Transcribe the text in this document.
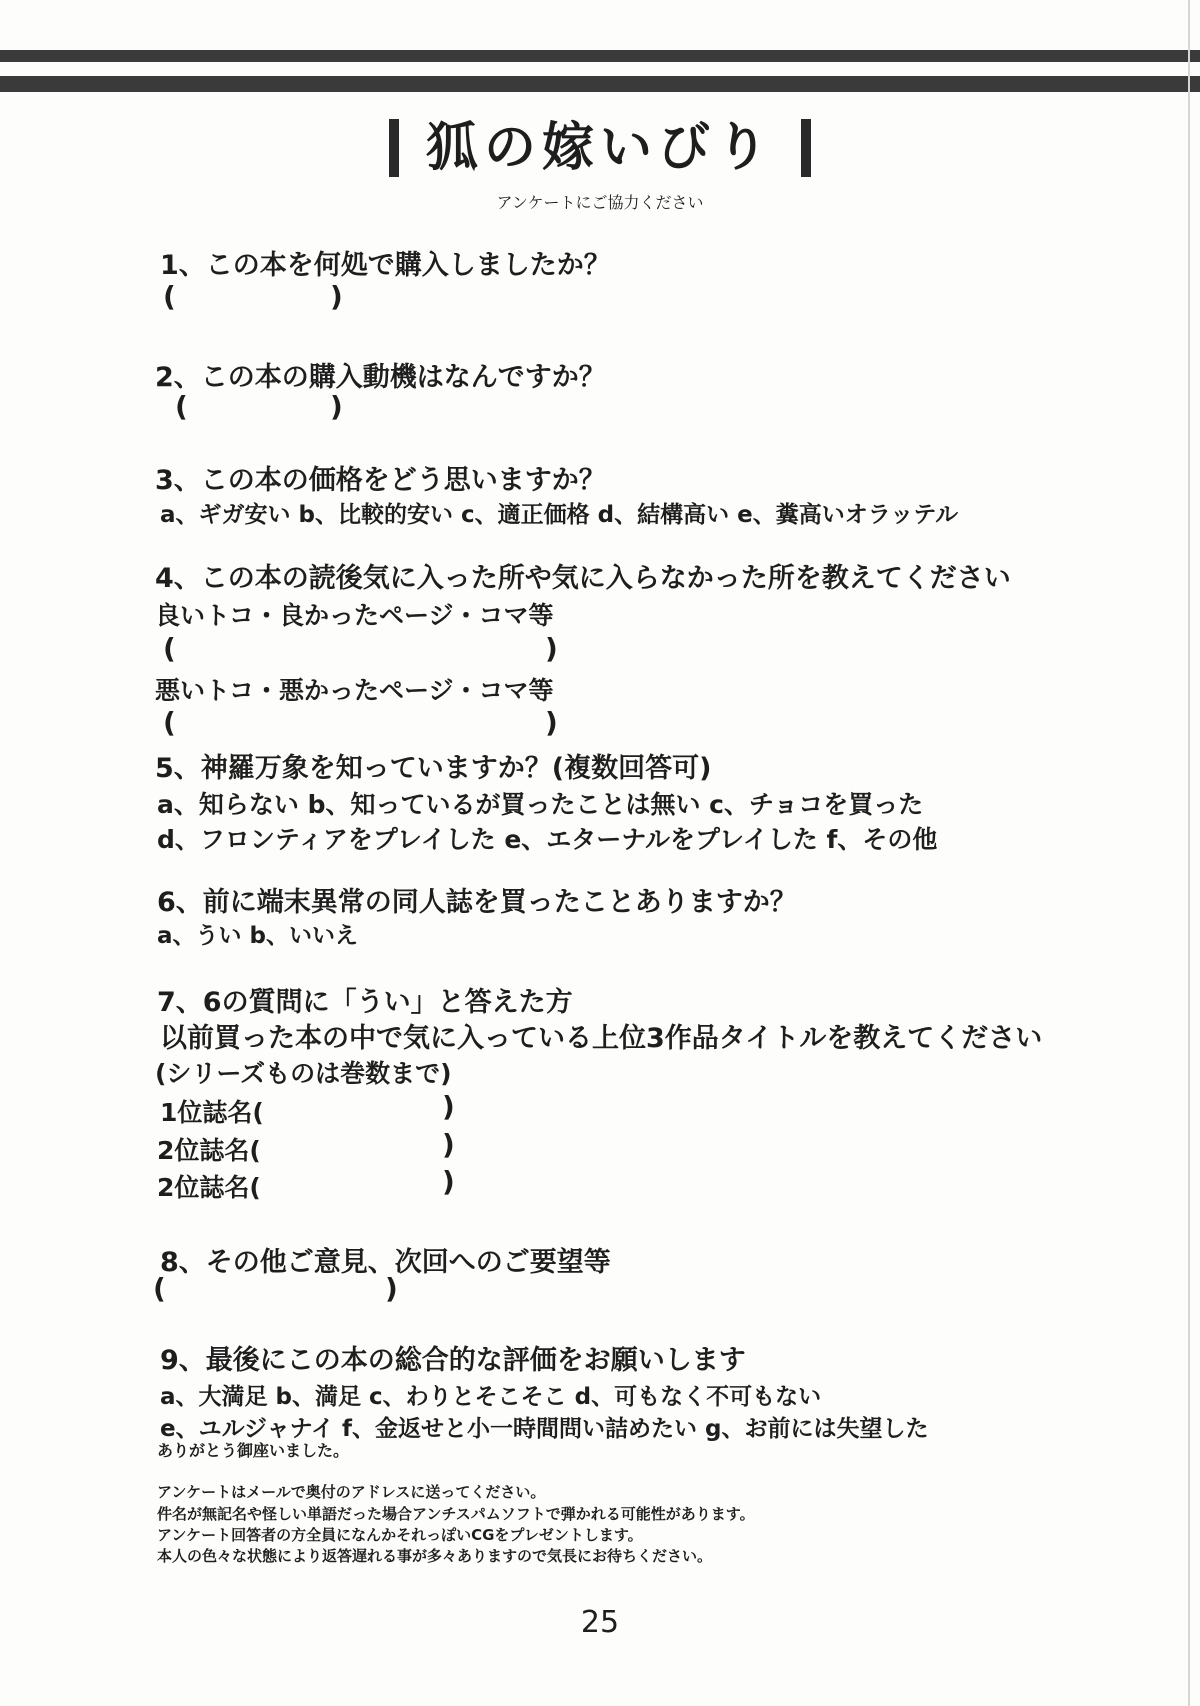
狐の嫁いびり
アンケートにご協力ください
1、この本を何処で購入しましたか？
(	)
2、この本の購入動機はなんですか？
(	)
3、この本の価格をどう思いますか？
a、ギガ安い b、比較的安い c、適正価格 d、結構高い e、糞高いオラッテル
4、この本の読後気に入った所や気に入らなかった所を教えてください
良いトコ・良かったページ・コマ等
(	)
悪いトコ・悪かったページ・コマ等
(	)
5、神羅万象を知っていますか？(複数回答可)
a、知らない b、知っているが買ったことは無い c、チョコを買った
d、フロンティアをプレイした e、エターナルをプレイした f、その他
6、前に端末異常の同人誌を買ったことありますか？
a、うい b、いいえ
7、6の質問に「うい」と答えた方
以前買った本の中で気に入っている上位3作品タイトルを教えてください
(シリーズものは巻数まで)
1位誌名(	)
2位誌名(	)
2位誌名(	)
8、その他ご意見、次回へのご要望等
(	)
9、最後にこの本の総合的な評価をお願いします
a、大満足 b、満足 c、わりとそこそこ d、可もなく不可もない
e、ユルジャナイ f、金返せと小一時間問い詰めたい g、お前には失望した
ありがとう御座いました。
アンケートはメールで奥付のアドレスに送ってください。
件名が無記名や怪しい単語だった場合アンチスパムソフトで弾かれる可能性があります。
アンケート回答者の方全員になんかそれっぽいCGをプレゼントします。
本人の色々な状態により返答遅れる事が多々ありますので気長にお待ちください。
25
